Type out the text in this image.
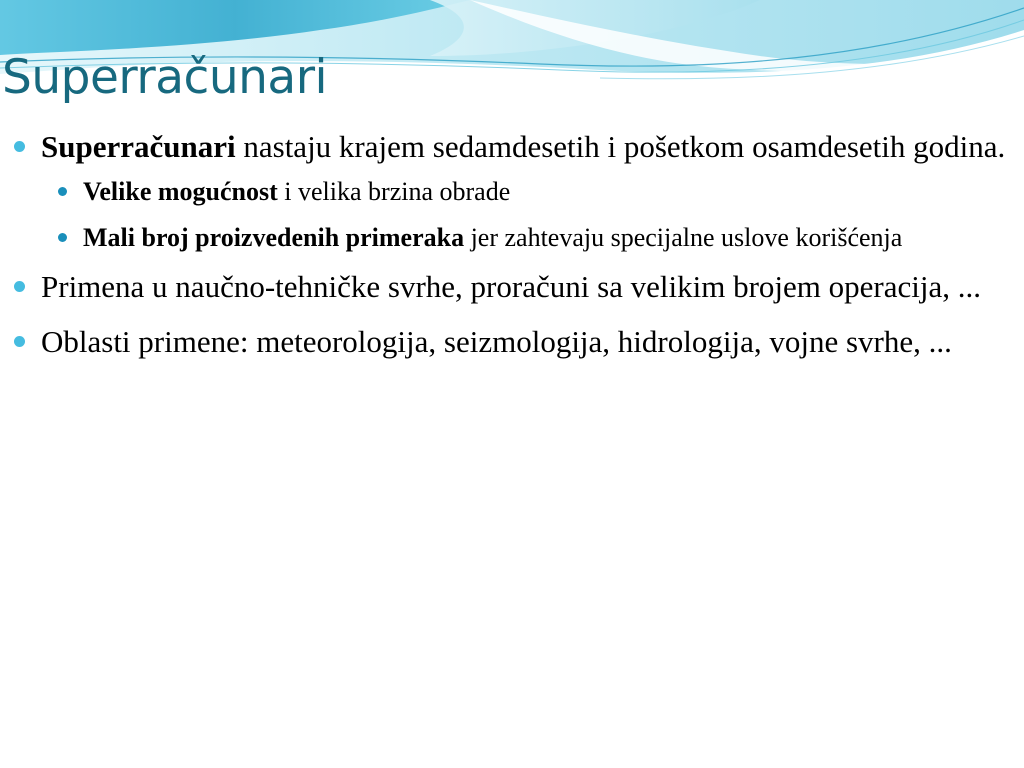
Superračunari
Superračunari nastaju krajem sedamdesetih i pošetkom osamdesetih godina.
Velike mogućnost i velika brzina obrade
Mali broj proizvedenih primeraka jer zahtevaju specijalne uslove korišćenja
Primena u naučno-tehničke svrhe, proračuni sa velikim brojem operacija, ...
Oblasti primene: meteorologija, seizmologija, hidrologija, vojne svrhe, ...
